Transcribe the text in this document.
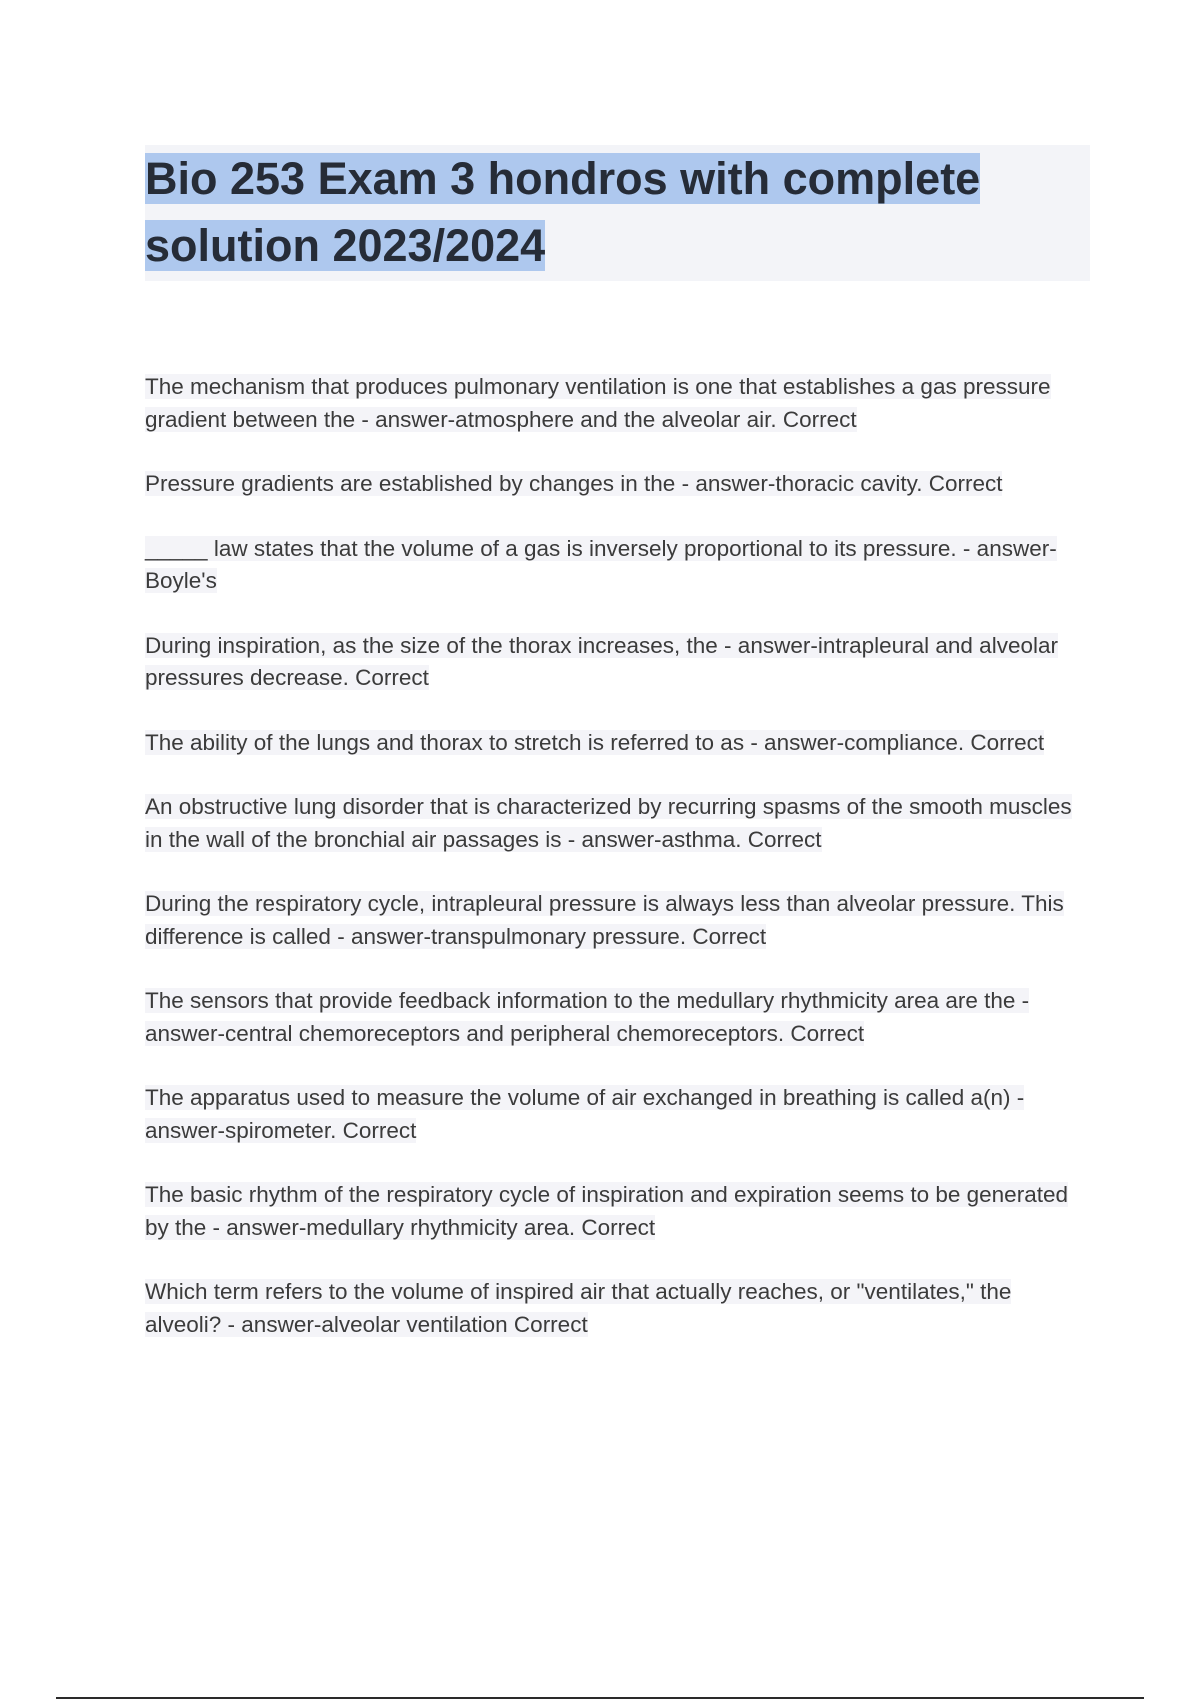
Bio 253 Exam 3 hondros with complete solution 2023/2024

The mechanism that produces pulmonary ventilation is one that establishes a gas pressure gradient between the - answer-atmosphere and the alveolar air. Correct

Pressure gradients are established by changes in the - answer-thoracic cavity. Correct

_____ law states that the volume of a gas is inversely proportional to its pressure. - answer-Boyle's

During inspiration, as the size of the thorax increases, the - answer-intrapleural and alveolar pressures decrease. Correct

The ability of the lungs and thorax to stretch is referred to as - answer-compliance. Correct

An obstructive lung disorder that is characterized by recurring spasms of the smooth muscles in the wall of the bronchial air passages is - answer-asthma. Correct

During the respiratory cycle, intrapleural pressure is always less than alveolar pressure. This difference is called - answer-transpulmonary pressure. Correct

The sensors that provide feedback information to the medullary rhythmicity area are the - answer-central chemoreceptors and peripheral chemoreceptors. Correct

The apparatus used to measure the volume of air exchanged in breathing is called a(n) - answer-spirometer. Correct

The basic rhythm of the respiratory cycle of inspiration and expiration seems to be generated by the - answer-medullary rhythmicity area. Correct

Which term refers to the volume of inspired air that actually reaches, or "ventilates," the alveoli? - answer-alveolar ventilation Correct
